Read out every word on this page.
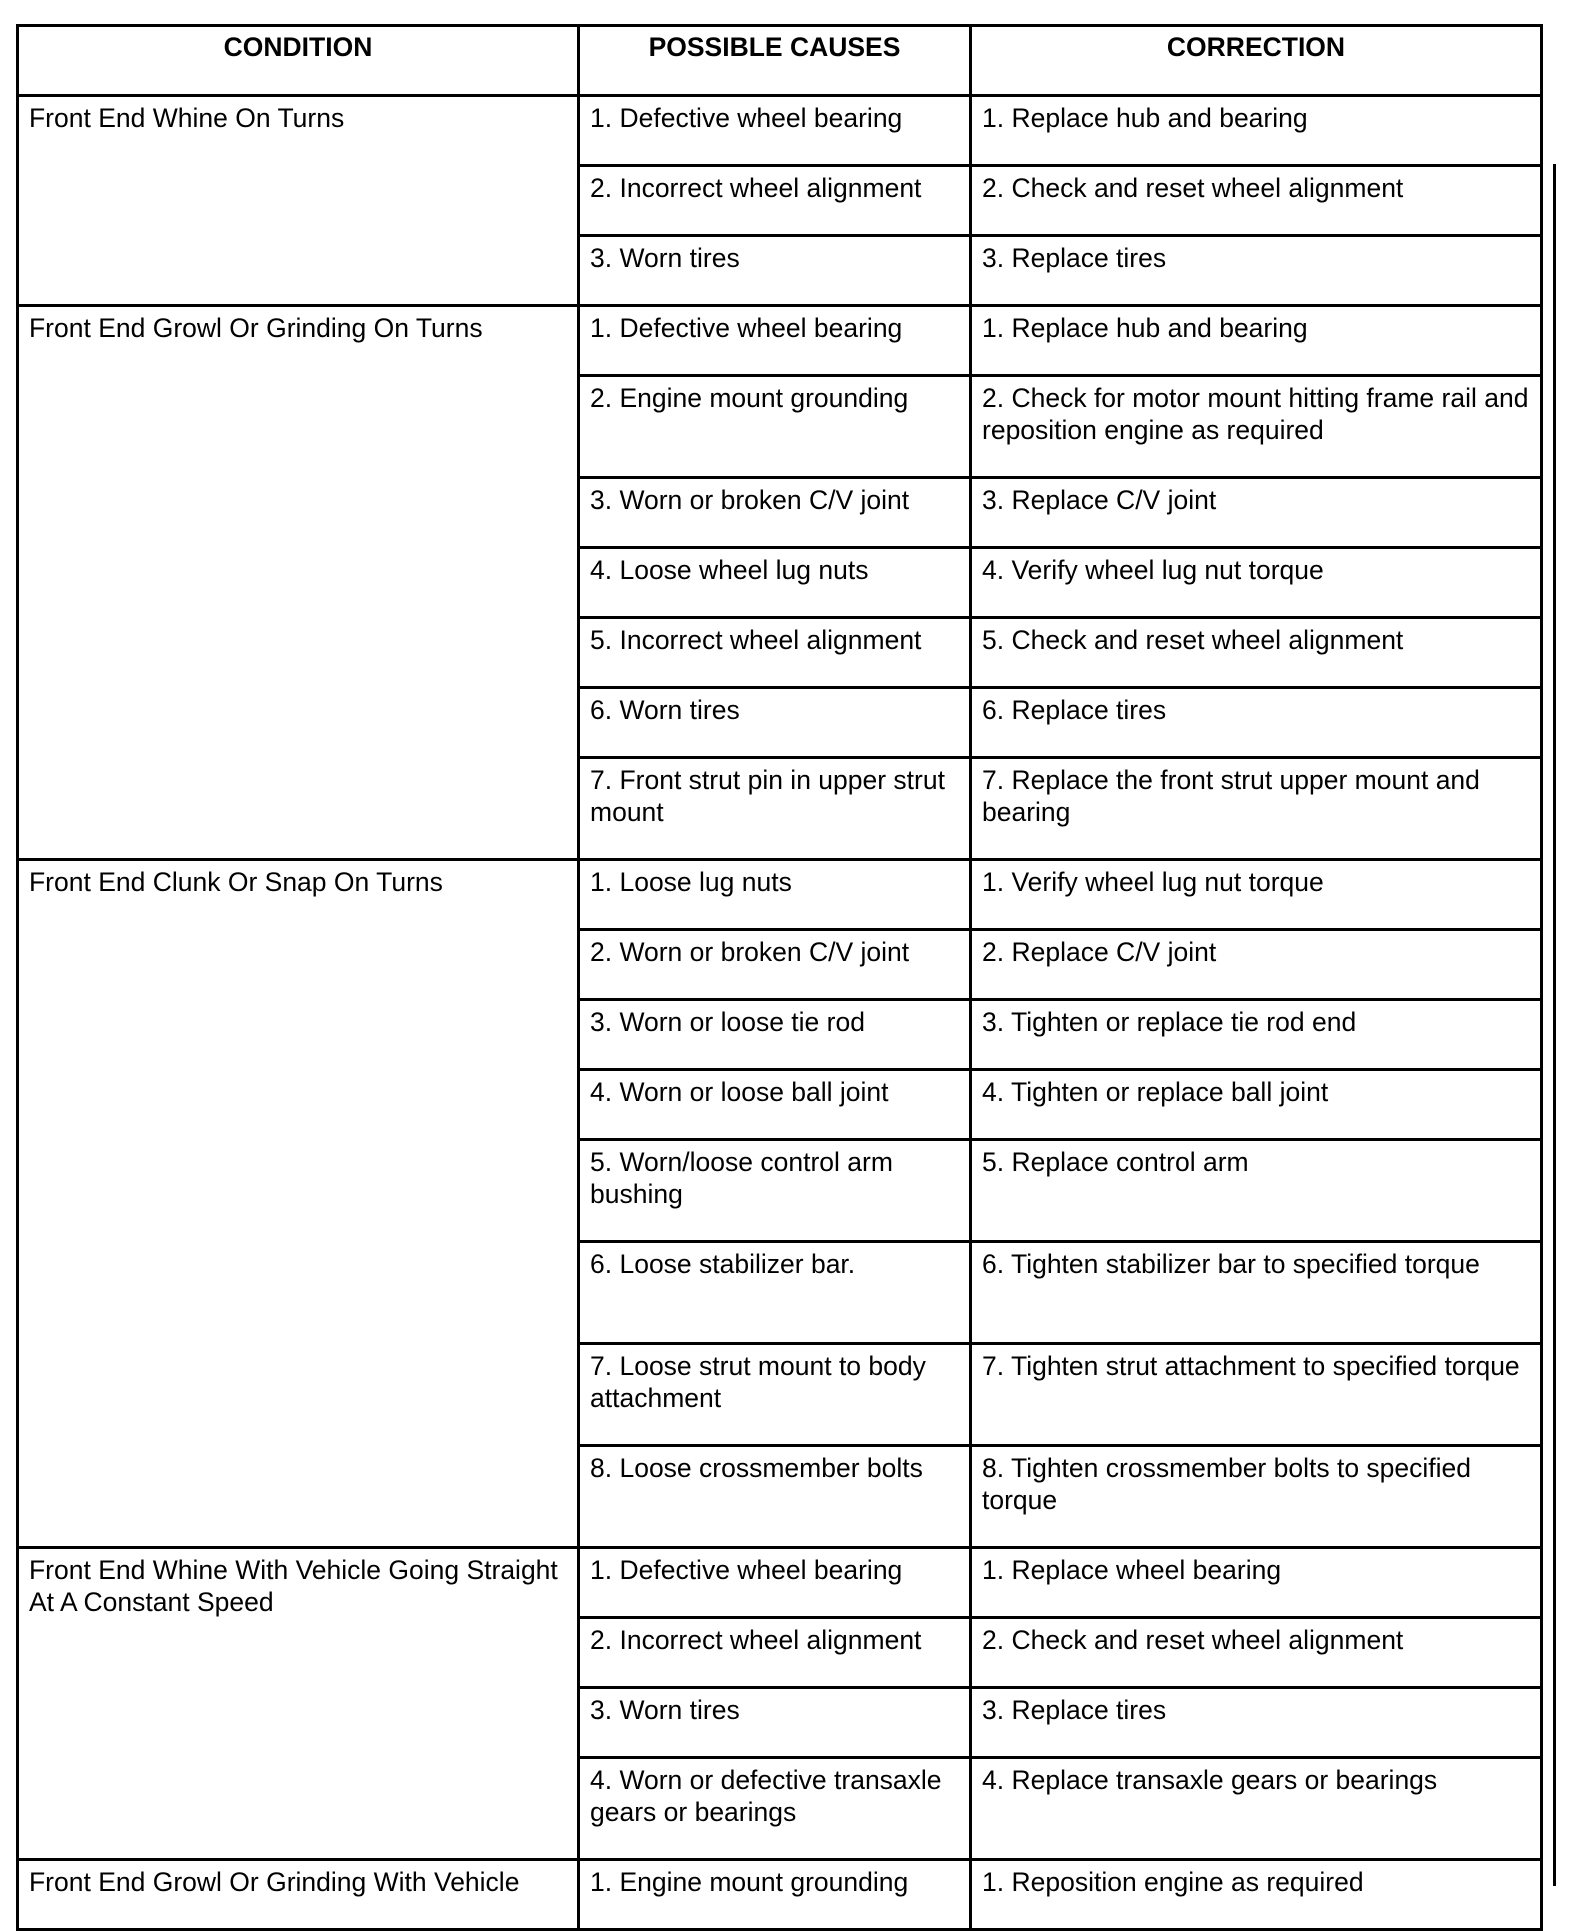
CONDITION	POSSIBLE CAUSES	CORRECTION
Front End Whine On Turns	1. Defective wheel bearing	1. Replace hub and bearing
	2. Incorrect wheel alignment	2. Check and reset wheel alignment
	3. Worn tires	3. Replace tires
Front End Growl Or Grinding On Turns	1. Defective wheel bearing	1. Replace hub and bearing
	2. Engine mount grounding	2. Check for motor mount hitting frame rail and reposition engine as required
	3. Worn or broken C/V joint	3. Replace C/V joint
	4. Loose wheel lug nuts	4. Verify wheel lug nut torque
	5. Incorrect wheel alignment	5. Check and reset wheel alignment
	6. Worn tires	6. Replace tires
	7. Front strut pin in upper strut mount	7. Replace the front strut upper mount and bearing
Front End Clunk Or Snap On Turns	1. Loose lug nuts	1. Verify wheel lug nut torque
	2. Worn or broken C/V joint	2. Replace C/V joint
	3. Worn or loose tie rod	3. Tighten or replace tie rod end
	4. Worn or loose ball joint	4. Tighten or replace ball joint
	5. Worn/loose control arm bushing	5. Replace control arm
	6. Loose stabilizer bar.	6. Tighten stabilizer bar to specified torque
	7. Loose strut mount to body attachment	7. Tighten strut attachment to specified torque
	8. Loose crossmember bolts	8. Tighten crossmember bolts to specified torque
Front End Whine With Vehicle Going Straight At A Constant Speed	1. Defective wheel bearing	1. Replace wheel bearing
	2. Incorrect wheel alignment	2. Check and reset wheel alignment
	3. Worn tires	3. Replace tires
	4. Worn or defective transaxle gears or bearings	4. Replace transaxle gears or bearings
Front End Growl Or Grinding With Vehicle	1. Engine mount grounding	1. Reposition engine as required
